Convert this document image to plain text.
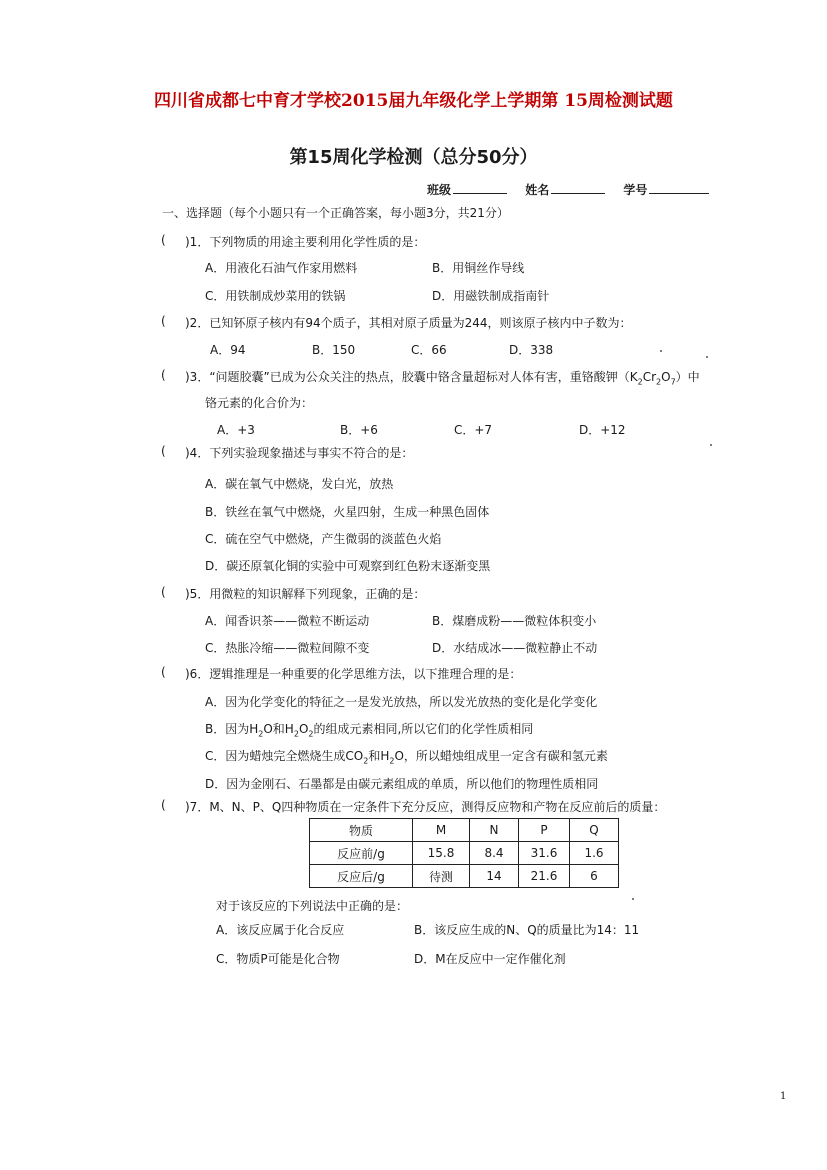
四川省成都七中育才学校2015届九年级化学上学期第 15周检测试题
第15周化学检测（总分50分）
班级	姓名	学号
一、选择题（每个小题只有一个正确答案，每小题3分，共21分）
( )1．下列物质的用途主要利用化学性质的是：
A．用液化石油气作家用燃料	B．用铜丝作导线
C．用铁制成炒菜用的铁锅	D．用磁铁制成指南针
( )2．已知钚原子核内有94个质子，其相对原子质量为244，则该原子核内中子数为：
A．94	B．150	C．66	D．338
( )3．“问题胶囊”已成为公众关注的热点，胶囊中铬含量超标对人体有害，重铬酸钾$(K_2Cr_2O_7)$中
铬元素的化合价为：
A．+3	B．+6	C．+7	D．+12
( )4．下列实验现象描述与事实不符合的是：
A．碳在氧气中燃烧，发白光，放热
B．铁丝在氧气中燃烧，火星四射，生成一种黑色固体
C．硫在空气中燃烧，产生微弱的淡蓝色火焰
D．碳还原氧化铜的实验中可观察到红色粉末逐渐变黑
( )5．用微粒的知识解释下列现象，正确的是：
A．闻香识茶——微粒不断运动	B．煤磨成粉——微粒体积变小
C．热胀冷缩——微粒间隙不变	D．水结成冰——微粒静止不动
( )6．逻辑推理是一种重要的化学思维方法，以下推理合理的是：
A．因为化学变化的特征之一是发光放热，所以发光放热的变化是化学变化
B．因为$H_2O$和$H_2O_2$的组成元素相同,所以它们的化学性质相同
C．因为蜡烛完全燃烧生成$CO_2$和$H_2O$，所以蜡烛组成里一定含有碳和氢元素
D．因为金刚石、石墨都是由碳元素组成的单质，所以他们的物理性质相同
( )7．M、N、P、Q四种物质在一定条件下充分反应，测得反应物和产物在反应前后的质量：
物质	M	N	P	Q
反应前/g	15.8	8.4	31.6	1.6
反应后/g	待测	14	21.6	6
对于该反应的下列说法中正确的是：
A．该反应属于化合反应	B．该反应生成的N、Q的质量比为14：11
C．物质P可能是化合物	D．M在反应中一定作催化剂
1
